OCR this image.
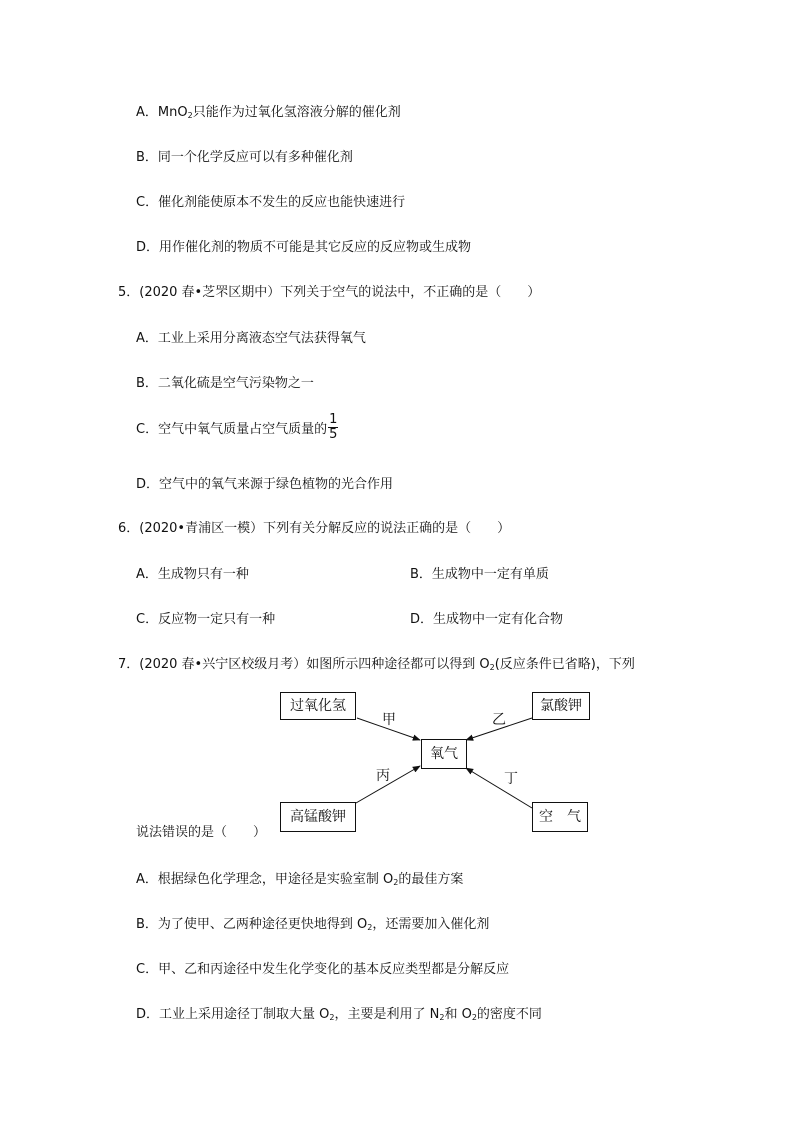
A．MnO$_2$只能作为过氧化氢溶液分解的催化剂
B．同一个化学反应可以有多种催化剂
C．催化剂能使原本不发生的反应也能快速进行
D．用作催化剂的物质不可能是其它反应的反应物或生成物
5．(2020 春•芝罘区期中）下列关于空气的说法中，不正确的是（　　）
A．工业上采用分离液态空气法获得氧气
B．二氧化硫是空气污染物之一
C．空气中氧气质量占空气质量的 $\frac{1}{5}$
D．空气中的氧气来源于绿色植物的光合作用
6．(2020•青浦区一模）下列有关分解反应的说法正确的是（　　）
A．生成物只有一种	B．生成物中一定有单质
C．反应物一定只有一种	D．生成物中一定有化合物
7．(2020 春•兴宁区校级月考）如图所示四种途径都可以得到 $O_2$(反应条件已省略)，下列
过氧化氢	氯酸钾
氧气
高锰酸钾	空　气
甲	乙
丙	丁
说法错误的是（　　）
A．根据绿色化学理念，甲途径是实验室制 $O_2$的最佳方案
B．为了使甲、乙两种途径更快地得到 $O_2$，还需要加入催化剂
C．甲、乙和丙途径中发生化学变化的基本反应类型都是分解反应
D．工业上采用途径丁制取大量 $O_2$，主要是利用了 $N_2$和 $O_2$的密度不同
